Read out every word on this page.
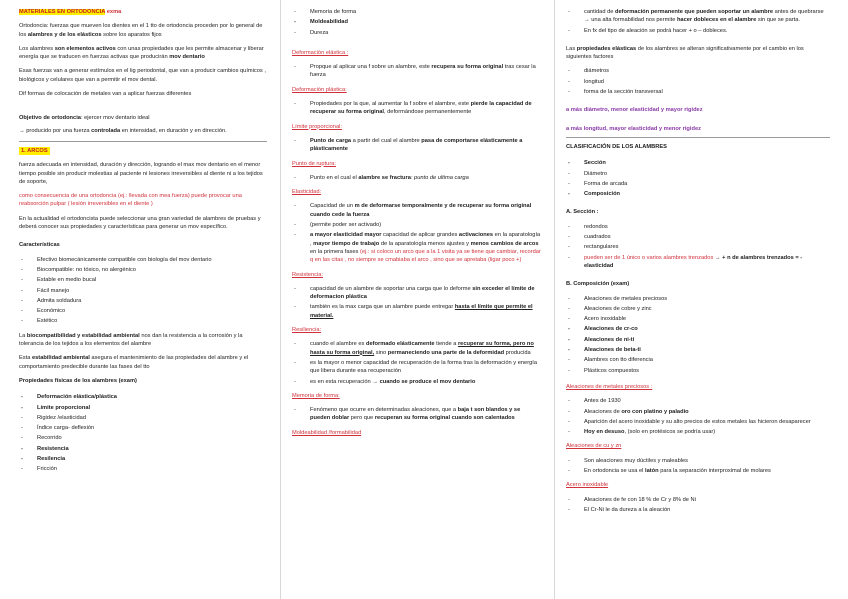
MATERIALES EN ORTODONCIA exma

Ortodoncia: fuerzas que mueven los dientes en el 1 tto de ortodoncia proceden por lo general de los alambres y de los elásticos sobre los aparatos fijos

Los alambres son elementos activos con unas propiedades que les permite almacenar y liberar energía que se traducen en fuerzas activas que producirán mov dentario

Esas fuerzas van a generar estímulos en el lig periodontal, que van a producir cambios químicos , biológicos y celulares que van a permitir el mov dental.

Dif formas de colocación de metales van a aplicar fuerzas diferentes

Objetivo de ortodoncia: ejercer mov dentario ideal

→ producido por una fuerza controlada en intensidad, en duración y en dirección.

1. ARCOS

fuerza adecuada en intensidad, duración y dirección, logrando el max mov dentario en el menor tiempo posible sin producir molestias al paciente ni lesiones irreversibles al diente ni a los tejidos de soporte,

como consecuencia de una ortodoncia (ej.: llevada con mea fuerza) puede provocar una reabsorción pulpar ( lesión irreversibles en el diente )

En la actualidad el ortodoncista puede seleccionar una gran variedad de alambres de pruebas y deberá conocer sus propiedades y características para generar un mov específico.

Características
- Efectivo biomecánicamente compatible con biología del mov dentario
- Biocompatible: no tóxico, no alergénico
- Estable en medio bucal
- Fácil manejo
- Admita soldadura
- Económico
- Estético

La biocompatibilidad y estabilidad ambiental nos dan la resistencia a la corrosión y la tolerancia de los tejidos a los elementos del alambre

Esta estabilidad ambiental asegura el mantenimiento de las propiedades del alambre y el comportamiento predecible durante las fases del tto

Propiedades físicas de los alambres (exam)
- Deformación elástica/plástica
- Límite proporcional
- Rigidez /elasticidad
- Índice carga- deflexión
- Recorrido
- Resistencia
- Resilencia
- Fricción
- Memoria de forma
- Moldeabilidad
- Dureza

Deformación elástica :

- Propque al aplicar una f sobre un alambre, este recupera su forma original tras cesar la fuerza

Deformación plástica:

- Propiedades por la que, al aumentar la f sobre el alambre, este pierde la capacidad de recuperar su forma original, deformándose permanentemente

Límite proporcional:

- Punto de carga a partir del cual el alambre pasa de comportarse elásticamente a plásticamente

Punto de ruptura:

- Punto en el cual el alambre se fractura: punto de ultima carga

Elasticidad:

- Capacidad de un m de deformarse temporalmente y de recuperar su forma original cuando cede la fuerza
- (permite poder ser activado)
- a mayor elasticidad mayor capacidad de aplicar grandes activaciones en la aparatología , mayor tiempo de trabajo de la aparatología menos ajustes y menos cambios de arcos en la primera fases (ej.: si coloco un arco que a la 1 visita ya se tiene que cambiar, recordar q en las citas , no siempre se cmabiaba el arco , sino que se apretaba (ligar poco +)

Resistencia:

- capacidad de un alambre de soportar una carga que lo deforme sin exceder el límite de deformacion plástica
- también es la max carga que un alambre puede entregar hasta el límite que permite el material.

Resiliencia:

- cuando el alambre es deformado elásticamente tiende a recuperar su forma, pero no hasta su forma original, sino permaneciendo una parte de la deformidad producida
- es la mayor o menor capacidad de recuperación de la forma tras la deformación y energía que libera durante esa recuperación
- es en esta recuperación → cuando se produce el mov dentario

Memoria de forma:

- Fenómeno que ocurre en determinadas aleaciones, que a baja t son blandos y se pueden doblar pero que recuperan su forma original cuando son calentados

Moldeabilidad /formabilidad

- cantidad de deformación permanente que pueden soportar un alambre antes de quebrarse → una alta formabilidad nos permite hacer dobleces en el alambre sin que se parta.
- En fx del tipo de aleación se podrá hacer + o – dobleces.

Las propiedades elásticas de los alambres se alteran significativamente por el cambio en los siguientes factores

- diámetros
- longitud
- forma de la sección transversal

a más diámetro, menor elasticidad y mayor rigidez

a más longitud, mayor elasticidad y menor rigidez

CLASIFICACIÓN DE LOS ALAMBRES

- Sección
- Diámetro
- Forma de arcada
- Composición

A. Sección :

- redondos
- cuadrados
- rectangulares
- pueden ser de 1 único o varios alambres trenzados → + n de alambres trenzados = - elasticidad

B. Composición (exam)

- Aleaciones de metales preciosos
- Aleaciones de cobre y zinc
- Acero inoxidable
- Aleaciones de cr-co
- Aleaciones de ni-ti
- Aleaciones de beta-ti
- Alambres con tto diferencia
- Plásticos compuestos

Aleaciones de metales preciosos :

- Antes de 1930
- Aleaciones de oro con platino y paladio
- Aparición del acero inoxidable y su alto precios de estos metales las hicieron desaparecer
- Hoy en desuso, (solo en protésicos se podría usar)

Aleaciones de cu y zn

- Son aleaciones muy dúctiles y maleables
- En ortodoncia se usa el latón para la separación interproximal de molares

Acero inoxidable

- Aleaciones de fe con 18 % de Cr y 8% de Ni
- El Cr-Ni le da dureza a la aleación
